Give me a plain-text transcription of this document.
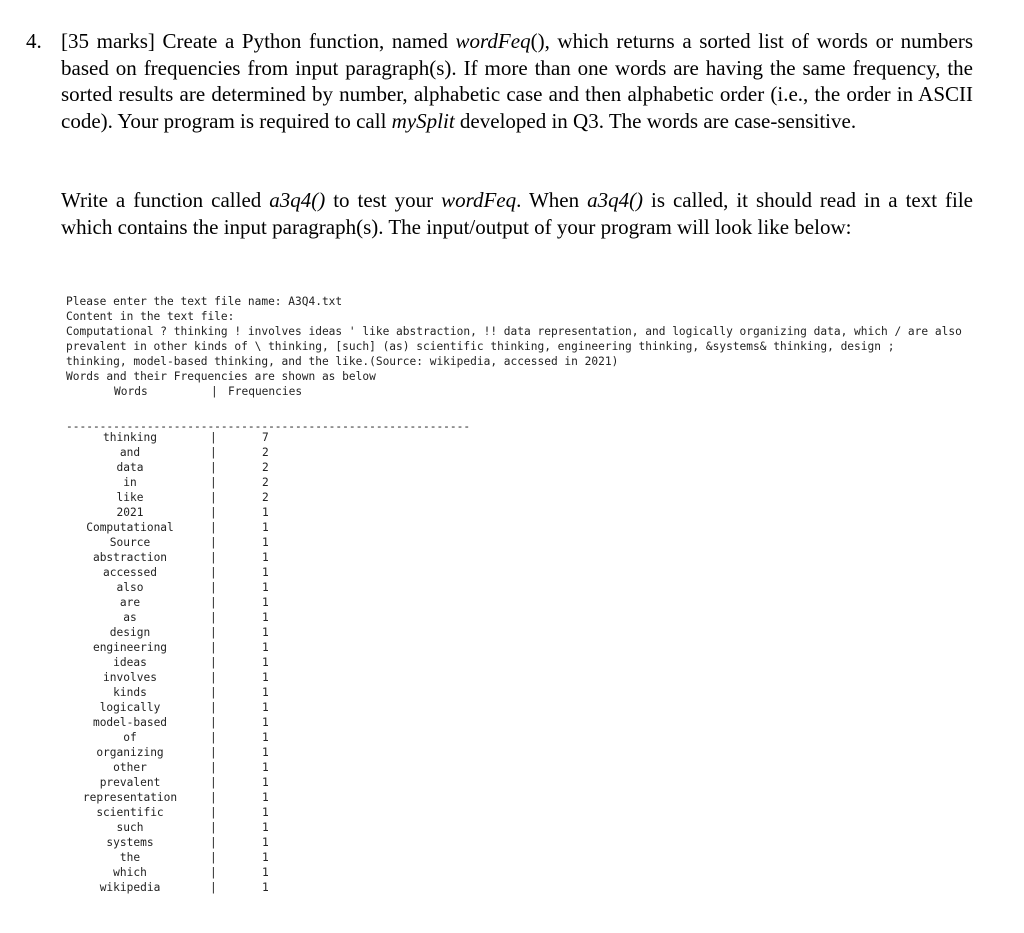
4. [35 marks] Create a Python function, named wordFeq(), which returns a sorted list of words or numbers based on frequencies from input paragraph(s). If more than one words are having the same frequency, the sorted results are determined by number, alphabetic case and then alphabetic order (i.e., the order in ASCII code). Your program is required to call mySplit developed in Q3. The words are case-sensitive.
Write a function called a3q4() to test your wordFeq. When a3q4() is called, it should read in a text file which contains the input paragraph(s). The input/output of your program will look like below:
Please enter the text file name: A3Q4.txt
Content in the text file:
Computational ? thinking ! involves ideas ' like abstraction, !! data representation, and logically organizing data, which / are also prevalent in other kinds of \ thinking, [such] (as) scientific thinking, engineering thinking, &systems& thinking, design ;
thinking, model-based thinking, and the like.(Source: wikipedia, accessed in 2021)
Words and their Frequencies are shown as below
Words	| Frequencies
------------------------------------------------------------
thinking	|	7
and	|	2
data	|	2
in	|	2
like	|	2
2021	|	1
Computational	|	1
Source	|	1
abstraction	|	1
accessed	|	1
also	|	1
are	|	1
as	|	1
design	|	1
engineering	|	1
ideas	|	1
involves	|	1
kinds	|	1
logically	|	1
model-based	|	1
of	|	1
organizing	|	1
other	|	1
prevalent	|	1
representation	|	1
scientific	|	1
such	|	1
systems	|	1
the	|	1
which	|	1
wikipedia	|	1
